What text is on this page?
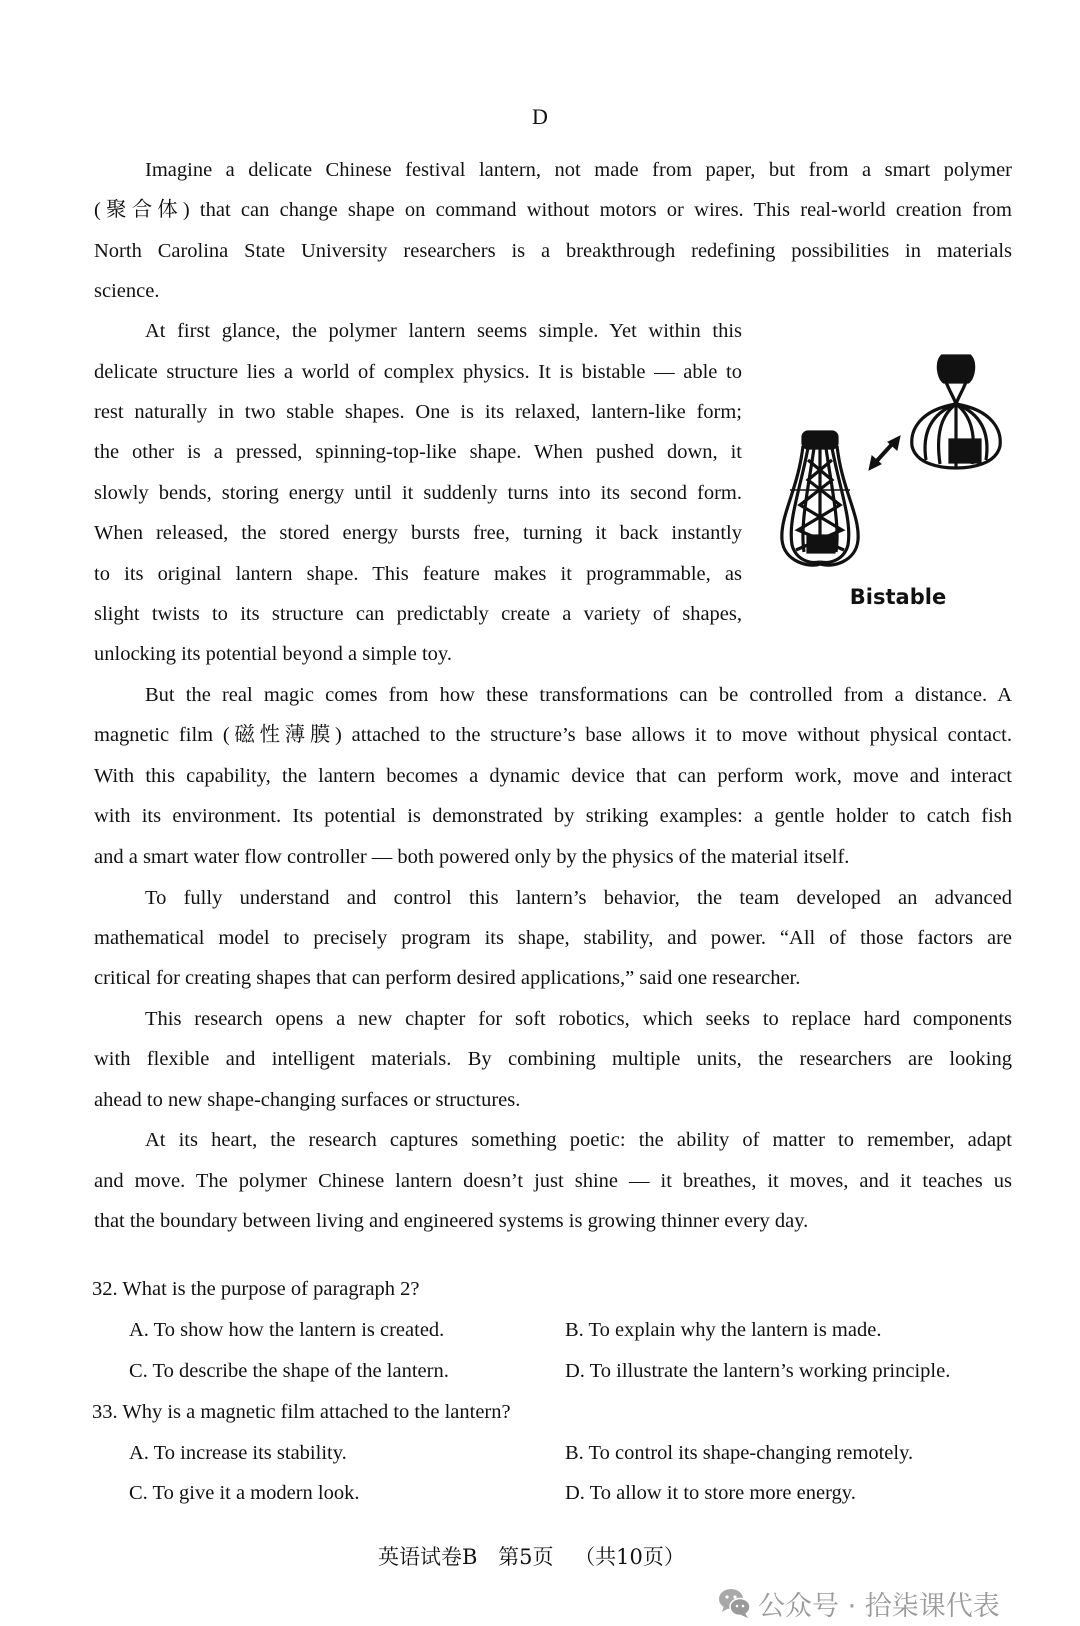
D
Imagine a delicate Chinese festival lantern, not made from paper, but from a smart polymer
(聚合体) that can change shape on command without motors or wires. This real-world creation from
North Carolina State University researchers is a breakthrough redefining possibilities in materials
science.
At first glance, the polymer lantern seems simple. Yet within this
delicate structure lies a world of complex physics. It is bistable — able to
rest naturally in two stable shapes. One is its relaxed, lantern-like form;
the other is a pressed, spinning-top-like shape. When pushed down, it
slowly bends, storing energy until it suddenly turns into its second form.
When released, the stored energy bursts free, turning it back instantly
to its original lantern shape. This feature makes it programmable, as
slight twists to its structure can predictably create a variety of shapes,
unlocking its potential beyond a simple toy.
Bistable
But the real magic comes from how these transformations can be controlled from a distance. A
magnetic film (磁性薄膜) attached to the structure’s base allows it to move without physical contact.
With this capability, the lantern becomes a dynamic device that can perform work, move and interact
with its environment. Its potential is demonstrated by striking examples: a gentle holder to catch fish
and a smart water flow controller — both powered only by the physics of the material itself.
To fully understand and control this lantern’s behavior, the team developed an advanced
mathematical model to precisely program its shape, stability, and power. “All of those factors are
critical for creating shapes that can perform desired applications,” said one researcher.
This research opens a new chapter for soft robotics, which seeks to replace hard components
with flexible and intelligent materials. By combining multiple units, the researchers are looking
ahead to new shape-changing surfaces or structures.
At its heart, the research captures something poetic: the ability of matter to remember, adapt
and move. The polymer Chinese lantern doesn’t just shine — it breathes, it moves, and it teaches us
that the boundary between living and engineered systems is growing thinner every day.
32. What is the purpose of paragraph 2?
A. To show how the lantern is created.	B. To explain why the lantern is made.
C. To describe the shape of the lantern.	D. To illustrate the lantern’s working principle.
33. Why is a magnetic film attached to the lantern?
A. To increase its stability.	B. To control its shape-changing remotely.
C. To give it a modern look.	D. To allow it to store more energy.
英语试卷B 第5页 （共10页）
公众号 · 拾柒课代表
